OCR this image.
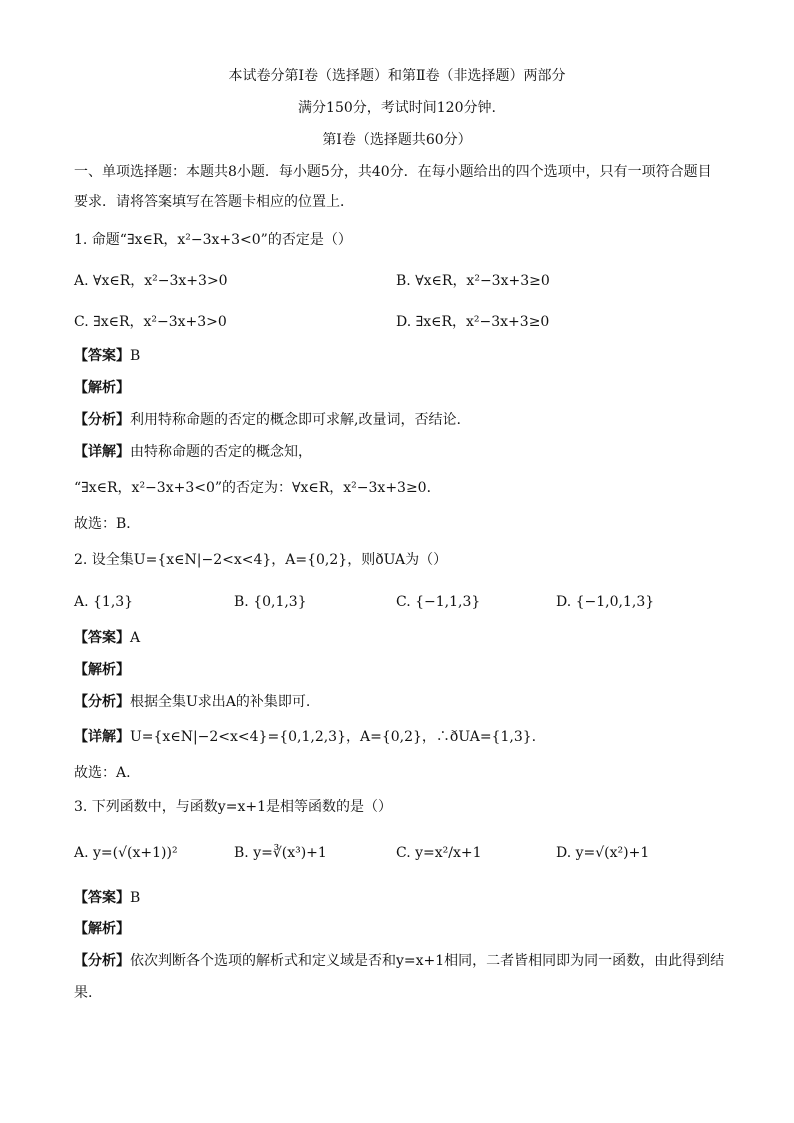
本试卷分第Ⅰ卷（选择题）和第Ⅱ卷（非选择题）两部分
满分150分，考试时间120分钟.
第Ⅰ卷（选择题共60分）
一、单项选择题：本题共8小题．每小题5分，共40分．在每小题给出的四个选项中，只有一项符合题目
要求．请将答案填写在答题卡相应的位置上．
1. 命题“∃x∈R，x²−3x+3<0”的否定是（）
A. ∀x∈R，x²−3x+3>0	B. ∀x∈R，x²−3x+3≥0
C. ∃x∈R，x²−3x+3>0	D. ∃x∈R，x²−3x+3≥0
【答案】B
【解析】
【分析】利用特称命题的否定的概念即可求解,改量词，否结论.
【详解】由特称命题的否定的概念知，
“∃x∈R，x²−3x+3<0”的否定为：∀x∈R，x²−3x+3≥0．
故选：B．
2. 设全集U={x∈N|−2<x<4}，A={0,2}，则ðUA为（）
A. {1,3}	B. {0,1,3}	C. {−1,1,3}	D. {−1,0,1,3}
【答案】A
【解析】
【分析】根据全集U求出A的补集即可.
【详解】U={x∈N|−2<x<4}={0,1,2,3}，A={0,2}，∴ðUA={1,3}.
故选：A.
3. 下列函数中，与函数y=x+1是相等函数的是（）
A. y=(√(x+1))²	B. y=∛(x³)+1	C. y=x²/x+1	D. y=√(x²)+1
【答案】B
【解析】
【分析】依次判断各个选项的解析式和定义域是否和y=x+1相同，二者皆相同即为同一函数，由此得到结
果.
